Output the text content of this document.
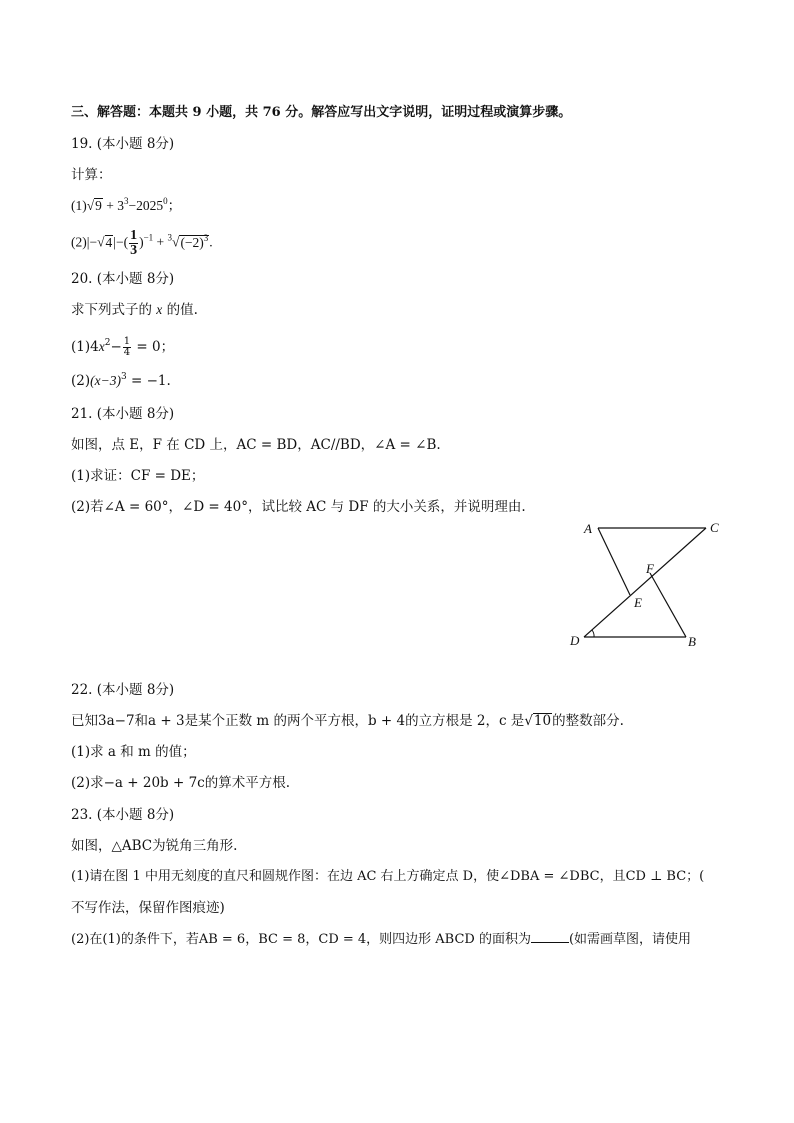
三、解答题：本题共 9 小题，共 76 分。解答应写出文字说明，证明过程或演算步骤。
19. (本小题 8分)
计算：
$(1)√9 + 3^3-2025^0$；
$(2)|-√4|-( \frac{1}{3} )^{-1} + ^3√(-2)^3$.
20. (本小题 8分)
求下列式子的 x 的值.
$(1)4x^2- \frac{1}{4} = 0$；
$(2)(x-3)^3 = -1$.
21. (本小题 8分)
如图，点 E，F 在 CD 上，AC = BD，AC//BD，∠A = ∠B.
(1)求证：CF = DE；
(2)若∠A = 60°，∠D = 40°，试比较 AC 与 DF 的大小关系，并说明理由.
A	C
F
E
D	B
22. (本小题 8分)
已知3a−7和a + 3是某个正数 m 的两个平方根，b + 4的立方根是 2，c 是√10的整数部分.
(1)求 a 和 m 的值；
(2)求−a + 20b + 7c的算术平方根.
23. (本小题 8分)
如图，△ABC为锐角三角形.
(1)请在图 1 中用无刻度的直尺和圆规作图：在边 AC 右上方确定点 D，使∠DBA = ∠DBC，且CD ⊥ BC；(
不写作法，保留作图痕迹)
(2)在(1)的条件下，若AB = 6，BC = 8，CD = 4，则四边形 ABCD 的面积为	(如需画草图，请使用
